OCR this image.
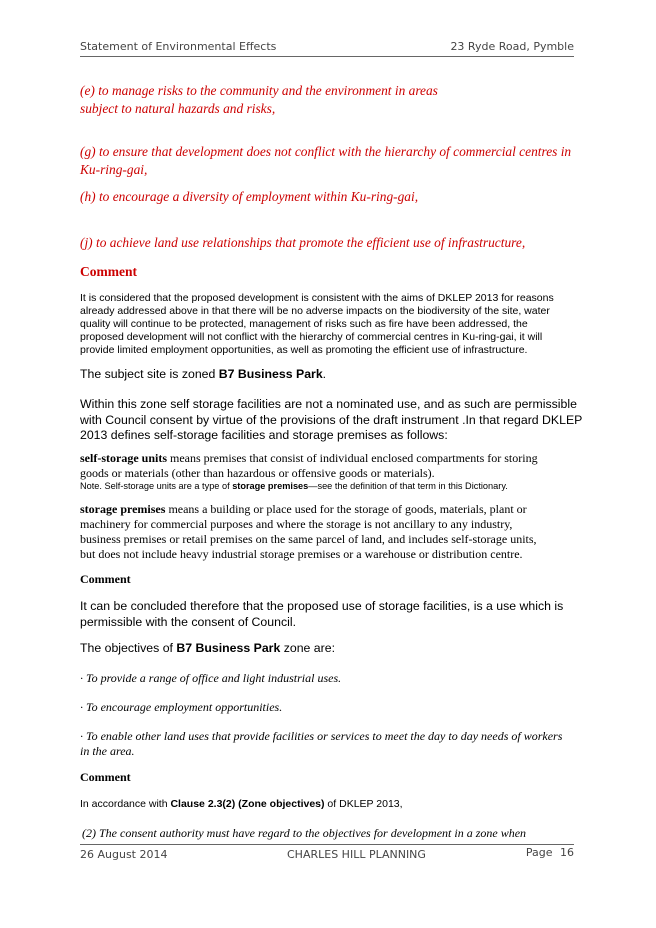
Statement of Environmental Effects	23 Ryde Road, Pymble
(e) to manage risks to the community and the environment in areas
subject to natural hazards and risks,
(g) to ensure that development does not conflict with the hierarchy of commercial centres in
Ku-ring-gai,
(h) to encourage a diversity of employment within Ku-ring-gai,
(j) to achieve land use relationships that promote the efficient use of infrastructure,
Comment
It is considered that the proposed development is consistent with the aims of DKLEP 2013 for reasons
already addressed above in that there will be no adverse impacts on the biodiversity of the site, water
quality will continue to be protected, management of risks such as fire have been addressed, the
proposed development will not conflict with the hierarchy of commercial centres in Ku-ring-gai, it will
provide limited employment opportunities, as well as promoting the efficient use of infrastructure.
The subject site is zoned B7 Business Park.
Within this zone self storage facilities are not a nominated use, and as such are permissible
with Council consent by virtue of the provisions of the draft instrument .In that regard DKLEP
2013 defines self-storage facilities and storage premises as follows:
self-storage units means premises that consist of individual enclosed compartments for storing
goods or materials (other than hazardous or offensive goods or materials).
Note. Self-storage units are a type of storage premises—see the definition of that term in this Dictionary.
storage premises means a building or place used for the storage of goods, materials, plant or
machinery for commercial purposes and where the storage is not ancillary to any industry,
business premises or retail premises on the same parcel of land, and includes self-storage units,
but does not include heavy industrial storage premises or a warehouse or distribution centre.
Comment
It can be concluded therefore that the proposed use of storage facilities, is a use which is
permissible with the consent of Council.
The objectives of B7 Business Park zone are:
· To provide a range of office and light industrial uses.
· To encourage employment opportunities.
· To enable other land uses that provide facilities or services to meet the day to day needs of workers
in the area.
Comment
In accordance with Clause 2.3(2) (Zone objectives) of DKLEP 2013,
(2) The consent authority must have regard to the objectives for development in a zone when
26 August 2014	CHARLES HILL PLANNING	Page 16
